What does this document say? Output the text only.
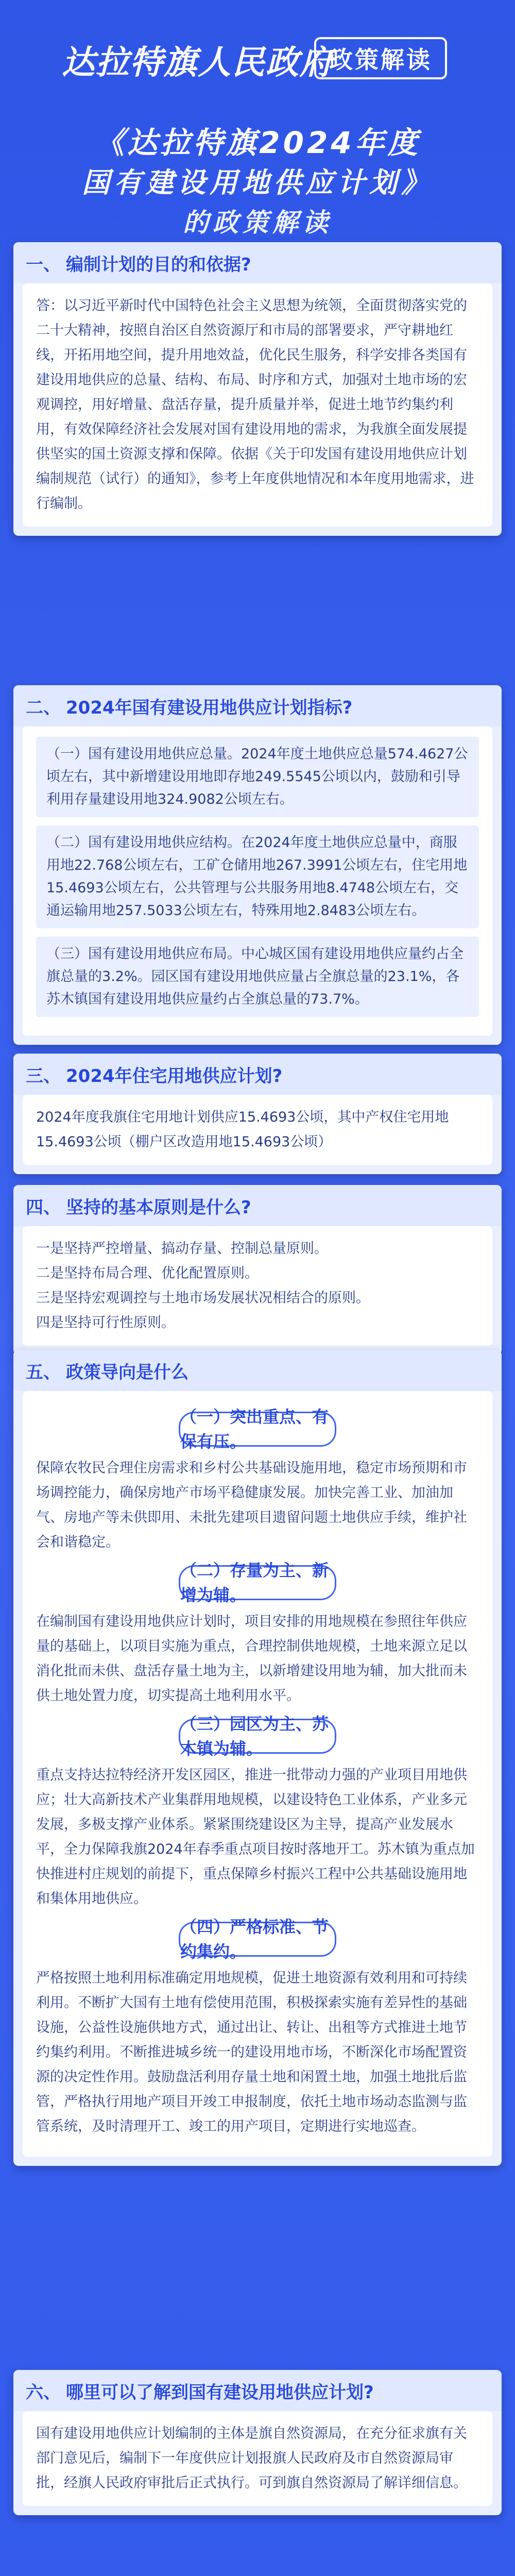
达拉特旗人民政府
政策解读
《达拉特旗2024年度
国有建设用地供应计划》
的政策解读
一、 编制计划的目的和依据?
答：以习近平新时代中国特色社会主义思想为统领，全面贯彻落实党的二十大精神，按照自治区自然资源厅和市局的部署要求，严守耕地红线，开拓用地空间，提升用地效益，优化民生服务，科学安排各类国有建设用地供应的总量、结构、布局、时序和方式，加强对土地市场的宏观调控，用好增量、盘活存量，提升质量并举，促进土地节约集约利用，有效保障经济社会发展对国有建设用地的需求，为我旗全面发展提供坚实的国土资源支撑和保障。依据《关于印发国有建设用地供应计划编制规范（试行）的通知》，参考上年度供地情况和本年度用地需求，进行编制。
二、 2024年国有建设用地供应计划指标?
（一）国有建设用地供应总量。2024年度土地供应总量574.4627公顷左右，其中新增建设用地即存地249.5545公顷以内，鼓励和引导利用存量建设用地324.9082公顷左右。
（二）国有建设用地供应结构。在2024年度土地供应总量中，商服用地22.768公顷左右，工矿仓储用地267.3991公顷左右，住宅用地15.4693公顷左右，公共管理与公共服务用地8.4748公顷左右，交通运输用地257.5033公顷左右，特殊用地2.8483公顷左右。
（三）国有建设用地供应布局。中心城区国有建设用地供应量约占全旗总量的3.2%。园区国有建设用地供应量占全旗总量的23.1%，各苏木镇国有建设用地供应量约占全旗总量的73.7%。
三、 2024年住宅用地供应计划?
2024年度我旗住宅用地计划供应15.4693公顷，其中产权住宅用地15.4693公顷（棚户区改造用地15.4693公顷）
四、 坚持的基本原则是什么?
一是坚持严控增量、搞动存量、控制总量原则。
二是坚持布局合理、优化配置原则。
三是坚持宏观调控与土地市场发展状况相结合的原则。
四是坚持可行性原则。
五、 政策导向是什么
（一）突出重点、有保有压。
保障农牧民合理住房需求和乡村公共基础设施用地，稳定市场预期和市场调控能力，确保房地产市场平稳健康发展。加快完善工业、加油加气、房地产等未供即用、未批先建项目遗留问题土地供应手续，维护社会和谐稳定。
（二）存量为主、新增为辅。
在编制国有建设用地供应计划时，项目安排的用地规模在参照往年供应量的基础上，以项目实施为重点，合理控制供地规模，土地来源立足以消化批而未供、盘活存量土地为主，以新增建设用地为辅，加大批而未供土地处置力度，切实提高土地利用水平。
（三）园区为主、苏木镇为辅。
重点支持达拉特经济开发区园区，推进一批带动力强的产业项目用地供应；壮大高新技术产业集群用地规模，以建设特色工业体系，产业多元发展，多极支撑产业体系。紧紧围绕建设区为主导，提高产业发展水平，全力保障我旗2024年春季重点项目按时落地开工。苏木镇为重点加快推进村庄规划的前提下，重点保障乡村振兴工程中公共基础设施用地和集体用地供应。
（四）严格标准、节约集约。
严格按照土地利用标准确定用地规模，促进土地资源有效利用和可持续利用。不断扩大国有土地有偿使用范围，积极探索实施有差异性的基础设施，公益性设施供地方式，通过出让、转让、出租等方式推进土地节约集约利用。不断推进城乡统一的建设用地市场，不断深化市场配置资源的决定性作用。鼓励盘活利用存量土地和闲置土地，加强土地批后监管，严格执行用地产项目开竣工申报制度，依托土地市场动态监测与监管系统，及时清理开工、竣工的用产项目，定期进行实地巡查。
六、 哪里可以了解到国有建设用地供应计划?
国有建设用地供应计划编制的主体是旗自然资源局，在充分征求旗有关部门意见后，编制下一年度供应计划报旗人民政府及市自然资源局审批，经旗人民政府审批后正式执行。可到旗自然资源局了解详细信息。
